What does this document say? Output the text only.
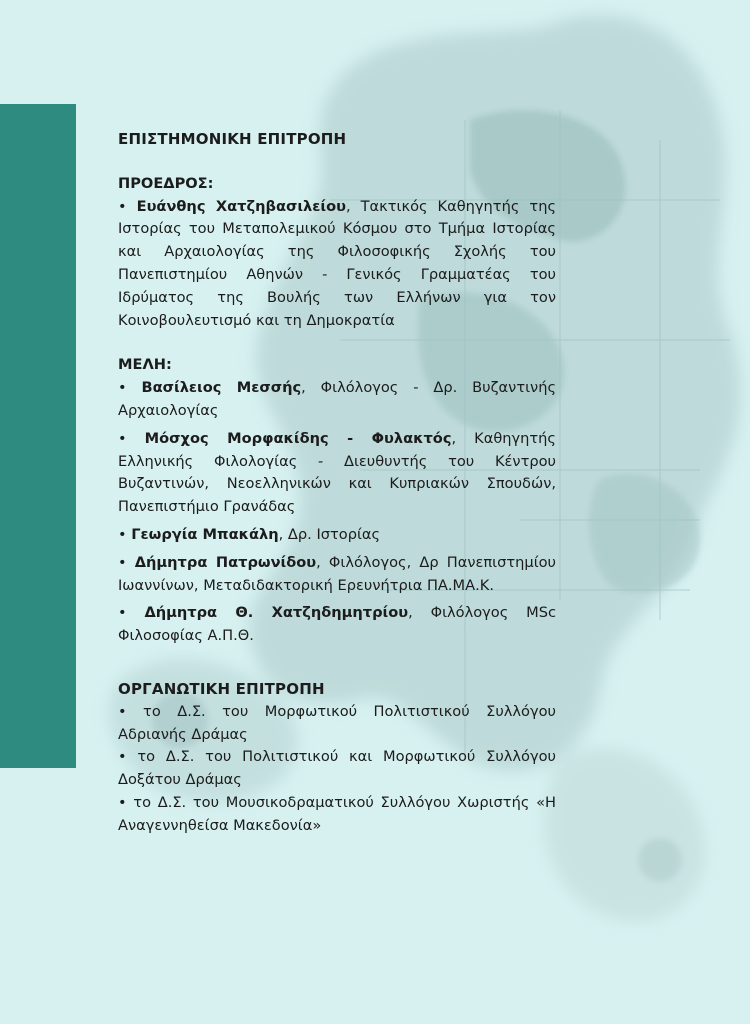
ΕΠΙΣΤΗΜΟΝΙΚΗ ΕΠΙΤΡΟΠΗ

ΠΡΟΕΔΡΟΣ:

• Ευάνθης Χατζηβασιλείου, Τακτικός Καθηγητής της Ιστορίας του Μεταπολεμικού Κόσμου στο Τμήμα Ιστορίας και Αρχαιολογίας της Φιλοσοφικής Σχολής του Πανεπιστημίου Αθηνών - Γενικός Γραμματέας του Ιδρύματος της Βουλής των Ελλήνων για τον Κοινοβουλευτισμό και τη Δημοκρατία

ΜΕΛΗ:

• Βασίλειος Μεσσής, Φιλόλογος - Δρ. Βυζαντινής Αρχαιολογίας

• Μόσχος Μορφακίδης - Φυλακτός, Καθηγητής Ελληνικής Φιλολογίας - Διευθυντής του Κέντρου Βυζαντινών, Νεοελληνικών και Κυπριακών Σπουδών, Πανεπιστήμιο Γρανάδας

• Γεωργία Μπακάλη, Δρ. Ιστορίας

• Δήμητρα Πατρωνίδου, Φιλόλογος, Δρ Πανεπιστημίου Ιωαννίνων, Μεταδιδακτορική Ερευνήτρια ΠΑ.ΜΑ.Κ.

• Δήμητρα Θ. Χατζηδημητρίου, Φιλόλογος MSc Φιλοσοφίας Α.Π.Θ.

ΟΡΓΑΝΩΤΙΚΗ ΕΠΙΤΡΟΠΗ

• το Δ.Σ. του Μορφωτικού Πολιτιστικού Συλλόγου Αδριανής Δράμας

• το Δ.Σ. του Πολιτιστικού και Μορφωτικού Συλλόγου Δοξάτου Δράμας

• το Δ.Σ. του Μουσικοδραματικού Συλλόγου Χωριστής «Η Αναγεννηθείσα Μακεδονία»
